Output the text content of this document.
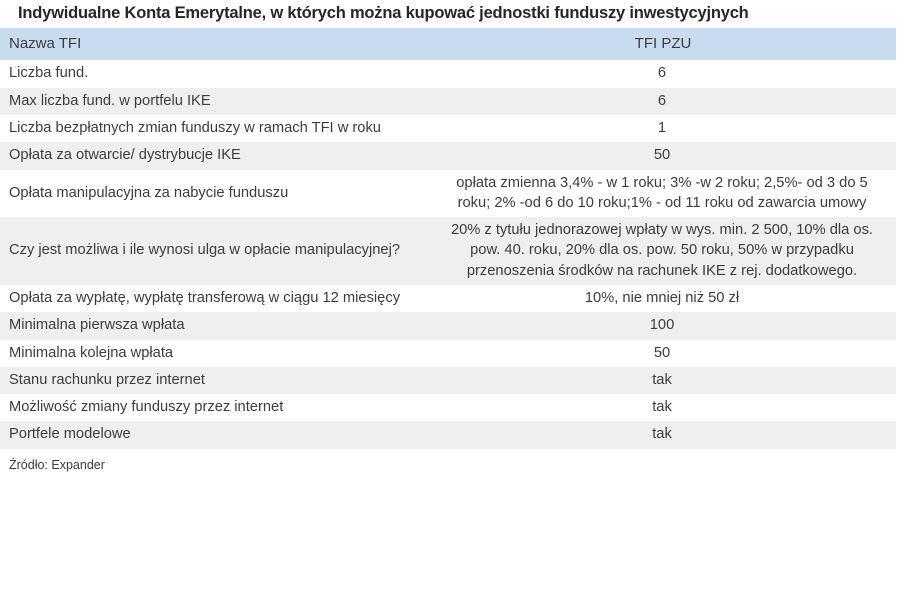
Indywidualne Konta Emerytalne, w których można kupować jednostki funduszy inwestycyjnych
Nazwa TFI	TFI PZU
Liczba fund.	6
Max liczba fund. w portfelu IKE	6
Liczba bezpłatnych zmian funduszy w ramach TFI w roku	1
Opłata za otwarcie/ dystrybucje IKE	50
Opłata manipulacyjna za nabycie funduszu	opłata zmienna 3,4% - w 1 roku; 3% -w 2 roku; 2,5%- od 3 do 5 roku; 2% -od 6 do 10 roku;1% - od 11 roku od zawarcia umowy
Czy jest możliwa i ile wynosi ulga w opłacie manipulacyjnej?	20% z tytułu jednorazowej wpłaty w wys. min. 2 500, 10% dla os. pow. 40. roku, 20% dla os. pow. 50 roku, 50% w przypadku przenoszenia środków na rachunek IKE z rej. dodatkowego.
Opłata za wypłatę, wypłatę transferową w ciągu 12 miesięcy	10%, nie mniej niż 50 zł
Minimalna pierwsza wpłata	100
Minimalna kolejna wpłata	50
Stanu rachunku przez internet	tak
Możliwość zmiany funduszy przez internet	tak
Portfele modelowe	tak
Źródło: Expander
